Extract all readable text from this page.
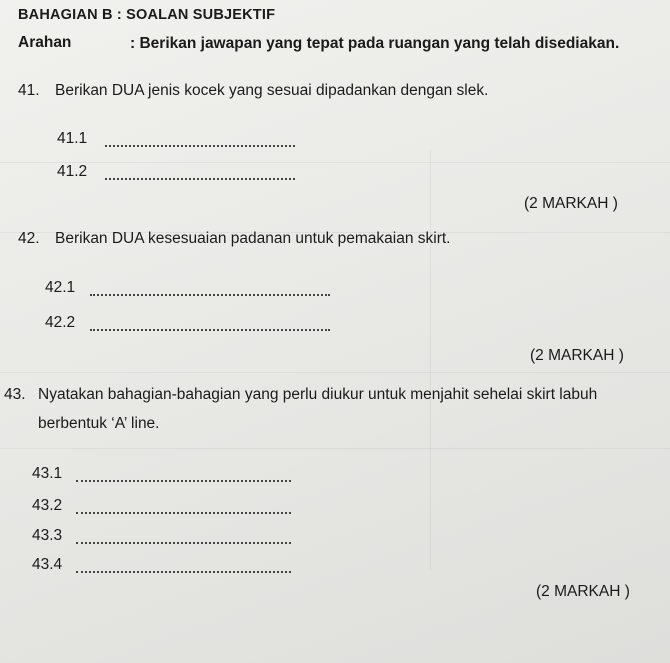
BAHAGIAN B : SOALAN SUBJEKTIF
Arahan	: Berikan jawapan yang tepat pada ruangan yang telah disediakan.
41. Berikan DUA jenis kocek yang sesuai dipadankan dengan slek.
41.1
41.2
(2 MARKAH )
42. Berikan DUA kesesuaian padanan untuk pemakaian skirt.
42.1
42.2
(2 MARKAH )
43. Nyatakan bahagian-bahagian yang perlu diukur untuk menjahit sehelai skirt labuh
berbentuk ‘A’ line.
43.1
43.2
43.3
43.4
(2 MARKAH )
